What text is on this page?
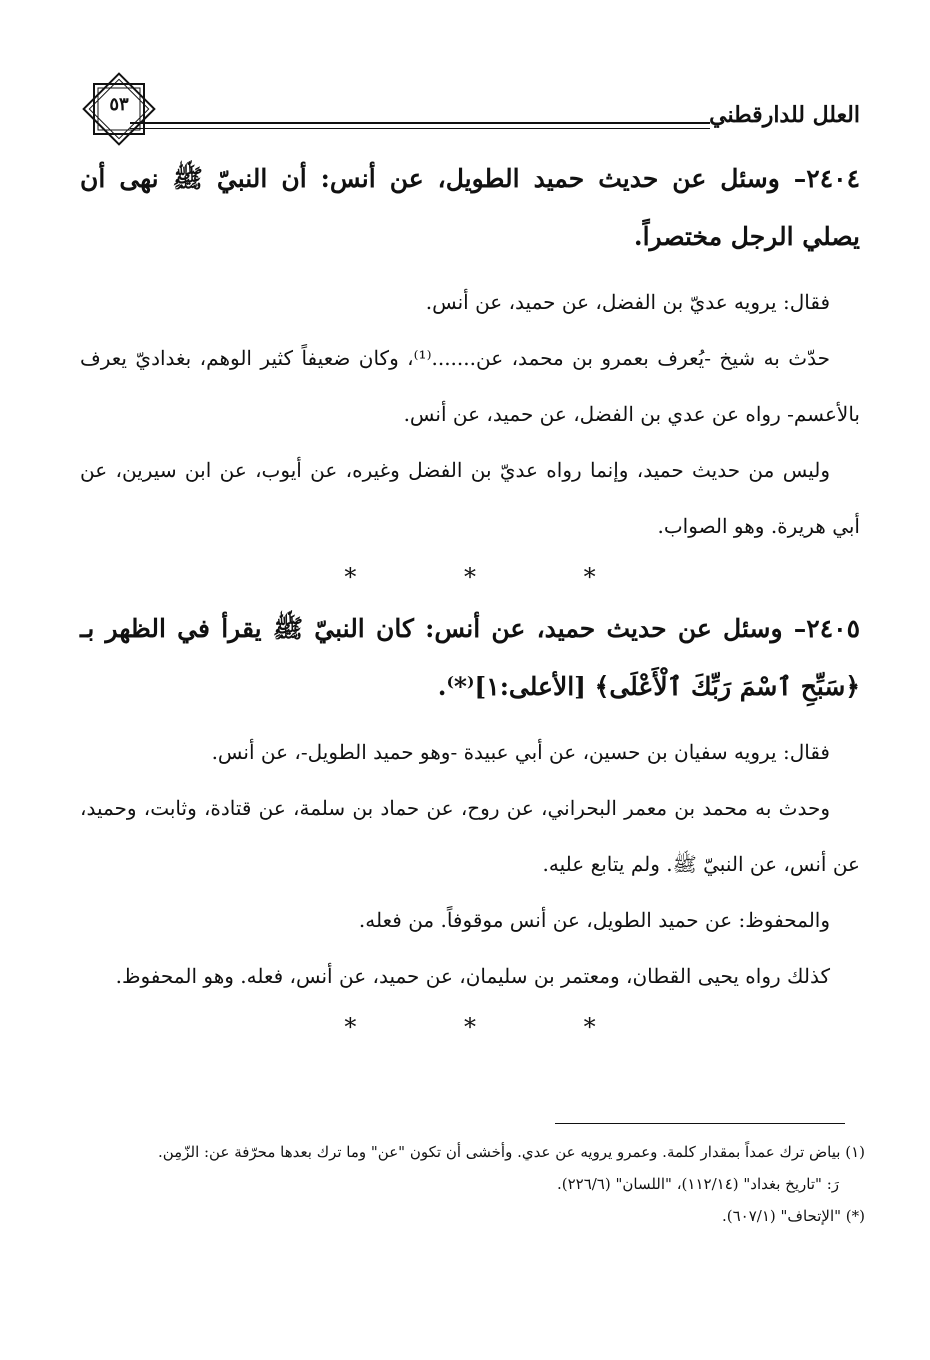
٥٣	العلل للدارقطني

٢٤٠٤– وسئل عن حديث حميد الطويل، عن أنس: أن النبيّ ﷺ نهى أن يصلي الرجل مختصراً.

فقال: يرويه عديّ بن الفضل، عن حميد، عن أنس.

حدّث به شيخ -يُعرف بعمرو بن محمد، عن.......⁽¹⁾، وكان ضعيفاً كثير الوهم، بغداديّ يعرف بالأعسم- رواه عن عدي بن الفضل، عن حميد، عن أنس.

وليس من حديث حميد، وإنما رواه عديّ بن الفضل وغيره، عن أيوب، عن ابن سيرين، عن أبي هريرة. وهو الصواب.

* * *

٢٤٠٥– وسئل عن حديث حميد، عن أنس: كان النبيّ ﷺ يقرأ في الظهر بـ ﴿سَبِّحِ ٱسْمَ رَبِّكَ ٱلْأَعْلَى﴾ [الأعلى:١]⁽*⁾.

فقال: يرويه سفيان بن حسين، عن أبي عبيدة -وهو حميد الطويل-، عن أنس.

وحدث به محمد بن معمر البحراني، عن روح، عن حماد بن سلمة، عن قتادة، وثابت، وحميد، عن أنس، عن النبيّ ﷺ. ولم يتابع عليه.

والمحفوظ: عن حميد الطويل، عن أنس موقوفاً. من فعله.

كذلك رواه يحيى القطان، ومعتمر بن سليمان، عن حميد، عن أنس، فعله. وهو المحفوظ.

* * *

(١) بياض ترك عمداً بمقدار كلمة. وعمرو يرويه عن عدي. وأخشى أن تكون "عن" وما ترك بعدها محرّفة عن: الزّمِن.

رَ: "تاريخ بغداد" (١١٢/١٤)، "اللسان" (٢٢٦/٦).

(*) "الإتحاف" (٦٠٧/١).
